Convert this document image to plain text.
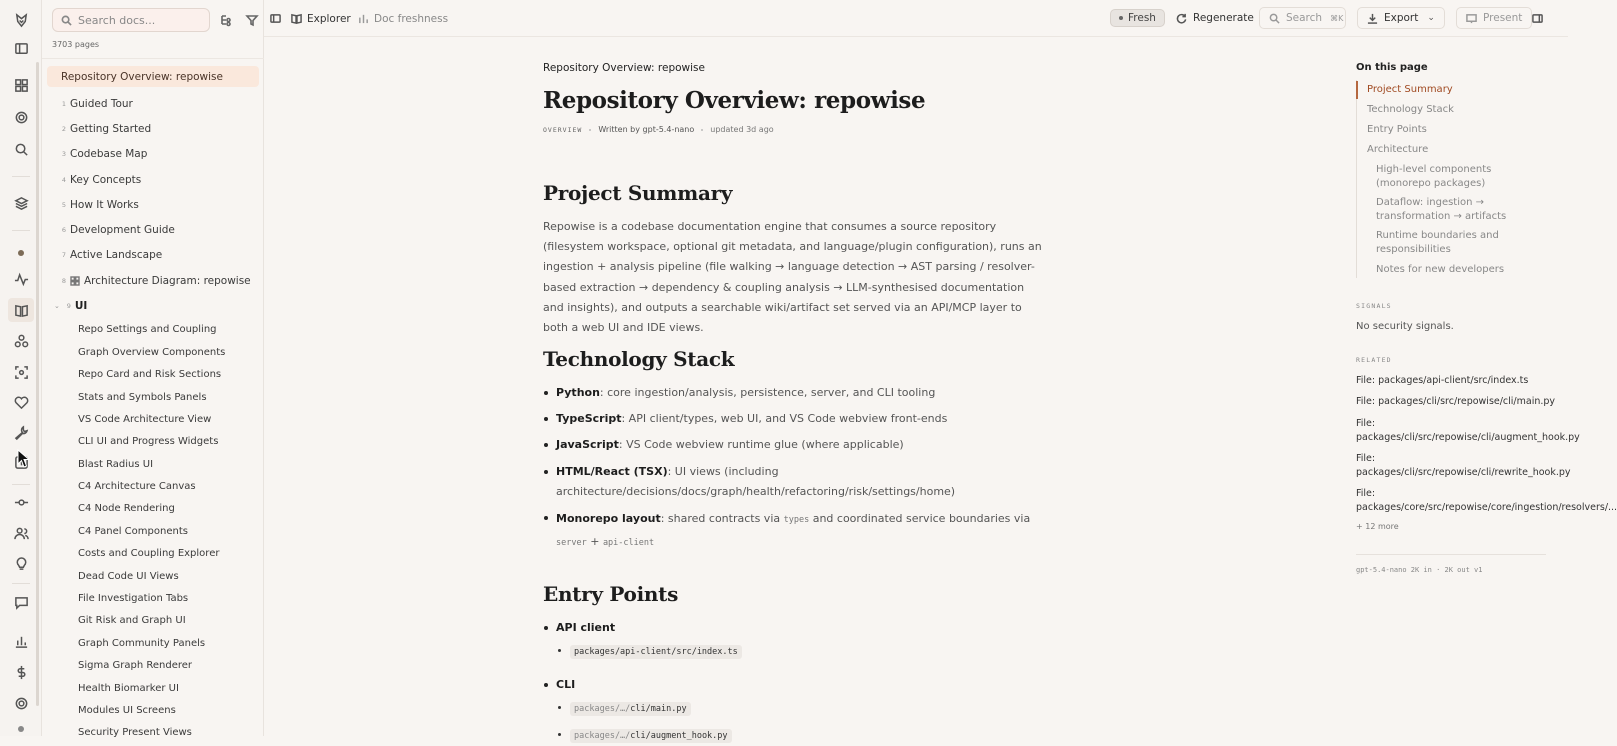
Search docs...
3703 pages
Repository Overview: repowise
1 Guided Tour
2 Getting Started
3 Codebase Map
4 Key Concepts
5 How It Works
6 Development Guide
7 Active Landscape
8 Architecture Diagram: repowise
⌄	9 UI
Repo Settings and Coupling
Graph Overview Components
Repo Card and Risk Sections
Stats and Symbols Panels
VS Code Architecture View
CLI UI and Progress Widgets
Blast Radius UI
C4 Architecture Canvas
C4 Node Rendering
C4 Panel Components
Costs and Coupling Explorer
Dead Code UI Views
File Investigation Tabs
Git Risk and Graph UI
Graph Community Panels
Sigma Graph Renderer
Health Biomarker UI
Modules UI Screens
Security Present Views
Explorer Doc freshness	Fresh	Regenerate	Search ⌘K	Export ⌄	Present
Repository Overview: repowise
Repository Overview: repowise
OVERVIEW Written by gpt-5.4-nano updated 3d ago
Project Summary
Repowise is a codebase documentation engine that consumes a source repository (filesystem workspace, optional git metadata, and language/plugin configuration), runs an ingestion + analysis pipeline (file walking → language detection → AST parsing / resolver-based extraction → dependency & coupling analysis → LLM-synthesised documentation and insights), and outputs a searchable wiki/artifact set served via an API/MCP layer to both a web UI and IDE views.
Technology Stack
Python: core ingestion/analysis, persistence, server, and CLI tooling
TypeScript: API client/types, web UI, and VS Code webview front-ends
JavaScript: VS Code webview runtime glue (where applicable)
HTML/React (TSX): UI views (including architecture/decisions/docs/graph/health/refactoring/risk/settings/home)
Monorepo layout: shared contracts via types and coordinated service boundaries via server + api-client
Entry Points
API client
packages/api-client/src/index.ts
CLI
packages/…/cli/main.py
packages/…/cli/augment_hook.py
On this page
Project Summary
Technology Stack
Entry Points
Architecture
High-level components (monorepo packages)
Dataflow: ingestion → transformation → artifacts
Runtime boundaries and responsibilities
Notes for new developers
SIGNALS
No security signals.
RELATED
File: packages/api-client/src/index.ts
File: packages/cli/src/repowise/cli/main.py
File:
packages/cli/src/repowise/cli/augment_hook.py
File:
packages/cli/src/repowise/cli/rewrite_hook.py
File:
packages/core/src/repowise/core/ingestion/resolvers/...
+ 12 more
gpt-5.4-nano 2K in · 2K out v1
